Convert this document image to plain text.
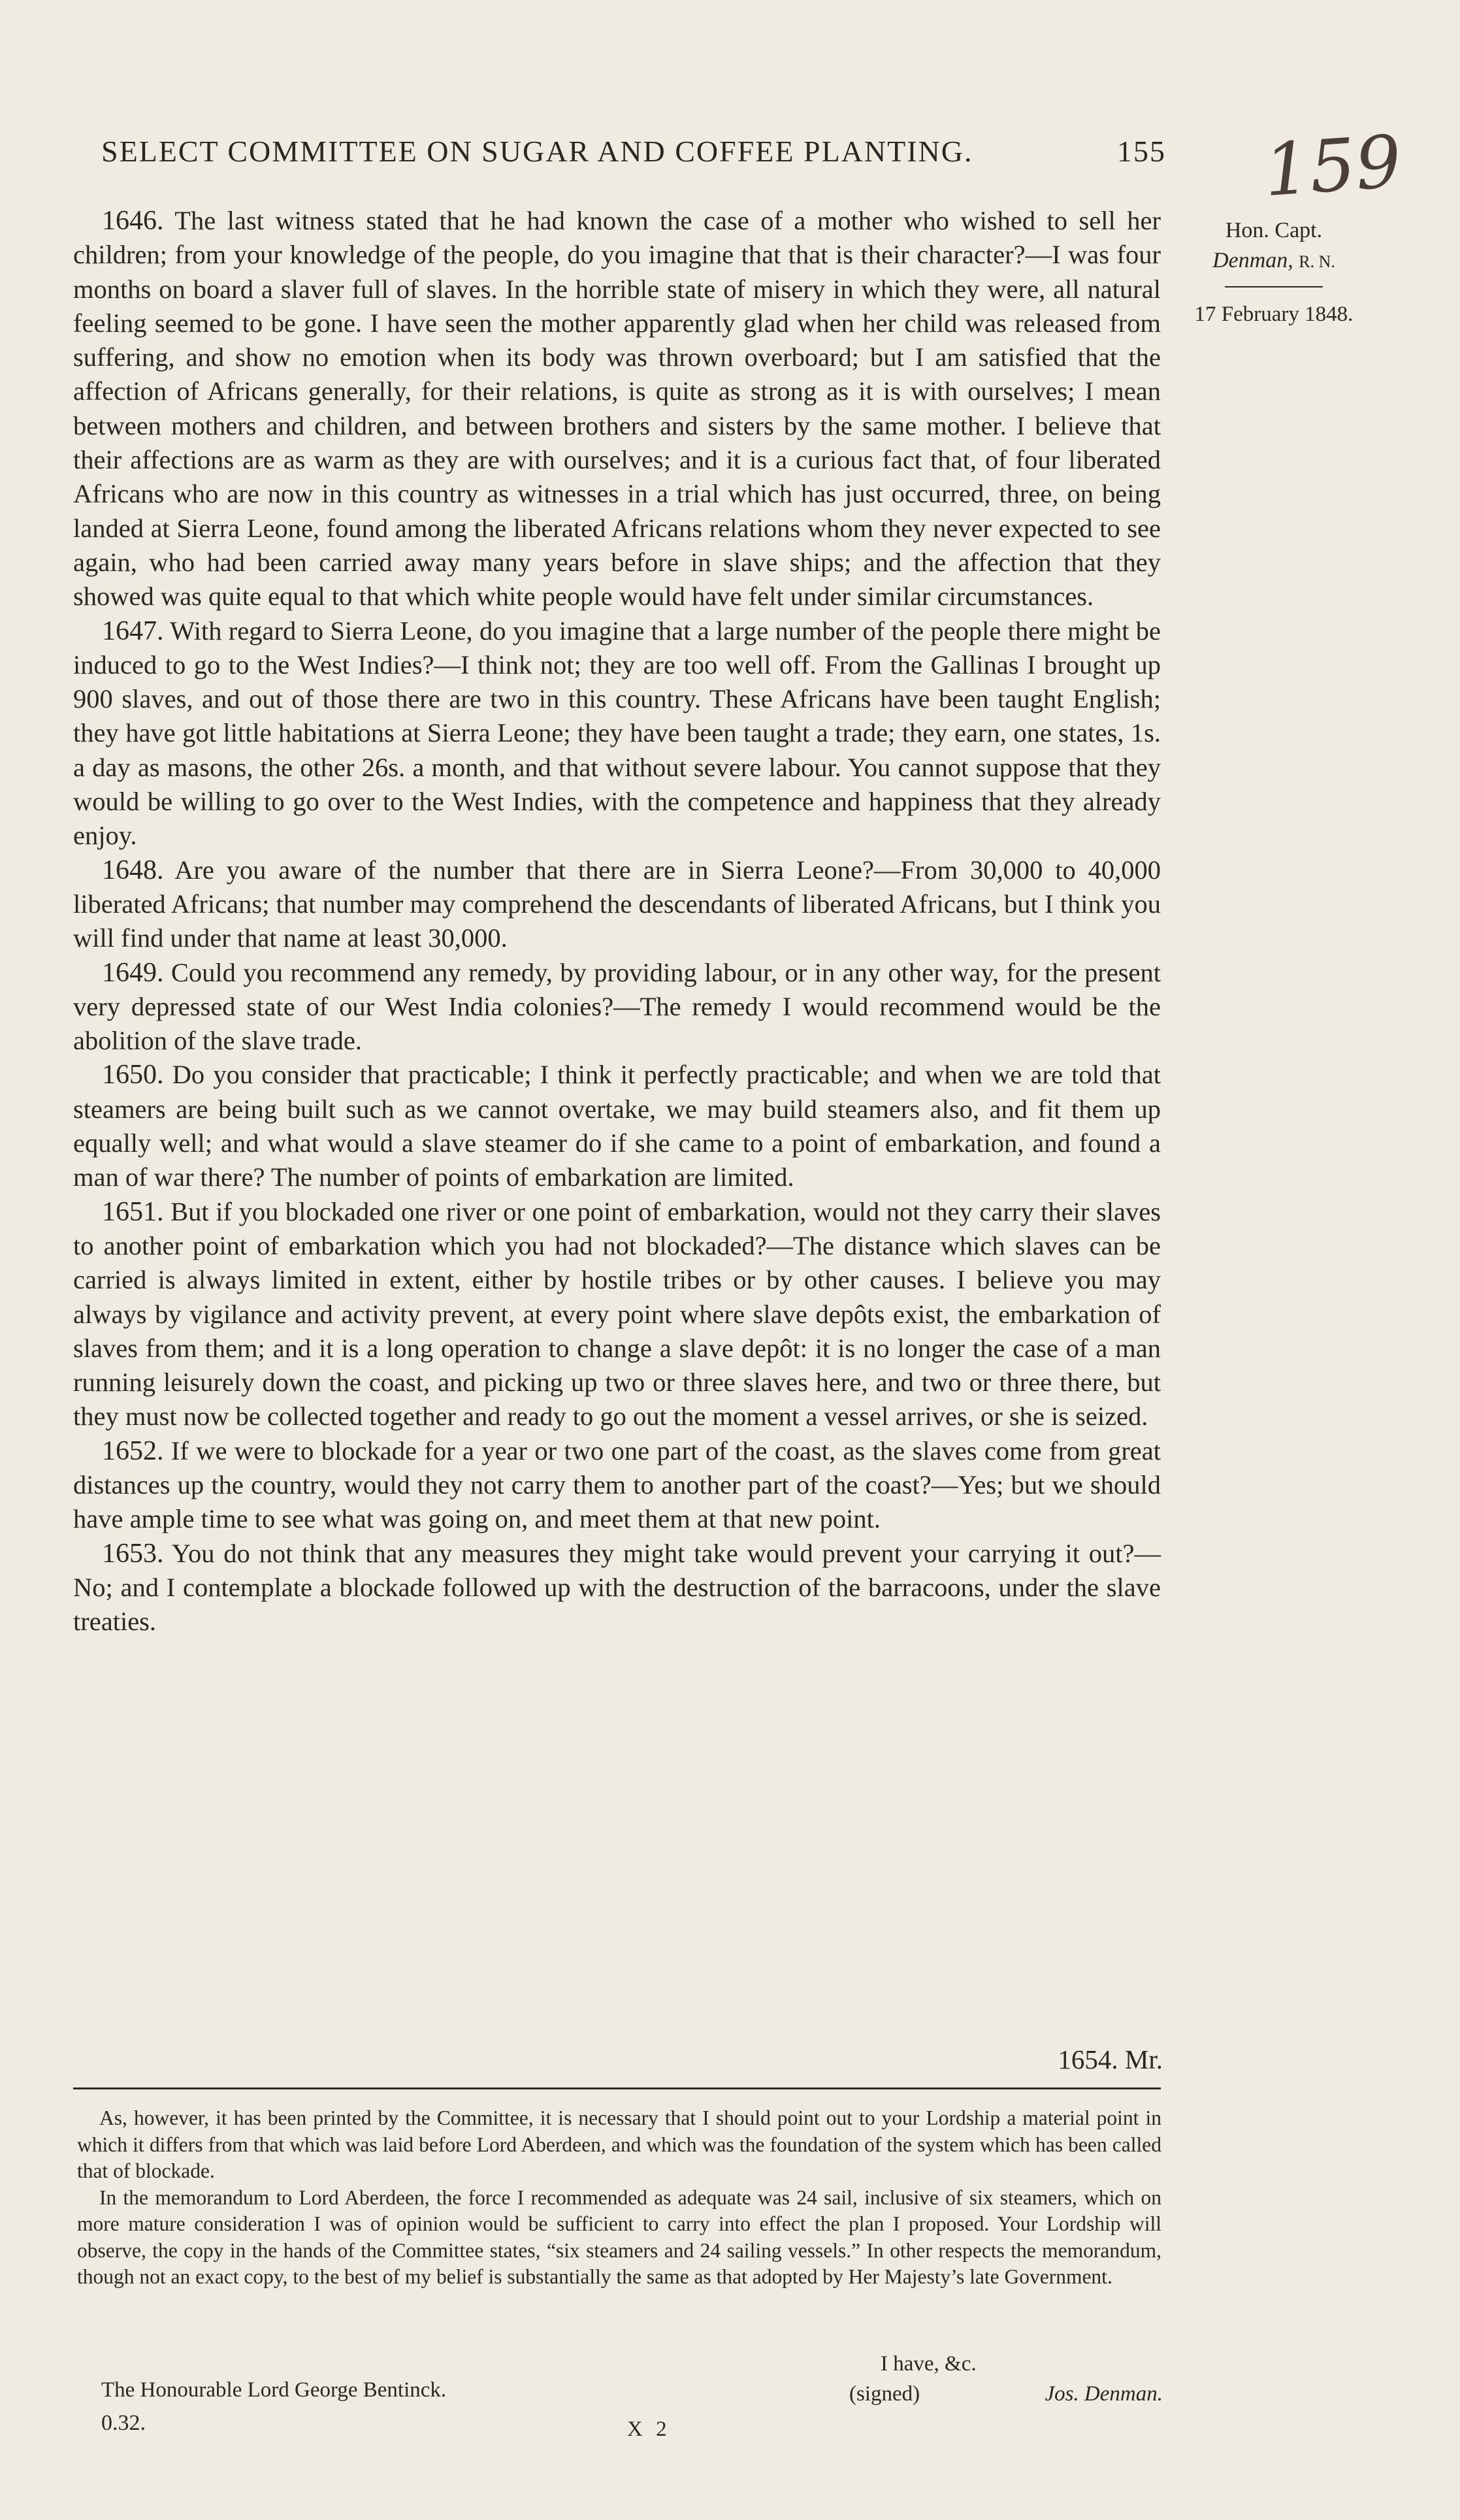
SELECT COMMITTEE ON SUGAR AND COFFEE PLANTING.	155 159
Hon. Capt.
Denman, R. N.
17 February 1848.

1646. The last witness stated that he had known the case of a mother who wished to sell her children; from your knowledge of the people, do you imagine that that is their character?—I was four months on board a slaver full of slaves. In the horrible state of misery in which they were, all natural feeling seemed to be gone. I have seen the mother apparently glad when her child was released from suffering, and show no emotion when its body was thrown overboard; but I am satisfied that the affection of Africans generally, for their relations, is quite as strong as it is with ourselves; I mean between mothers and children, and between brothers and sisters by the same mother. I believe that their affections are as warm as they are with ourselves; and it is a curious fact that, of four liberated Africans who are now in this country as witnesses in a trial which has just occurred, three, on being landed at Sierra Leone, found among the liberated Africans relations whom they never expected to see again, who had been carried away many years before in slave ships; and the affection that they showed was quite equal to that which white people would have felt under similar circumstances.

1647. With regard to Sierra Leone, do you imagine that a large number of the people there might be induced to go to the West Indies?—I think not; they are too well off. From the Gallinas I brought up 900 slaves, and out of those there are two in this country. These Africans have been taught English; they have got little habitations at Sierra Leone; they have been taught a trade; they earn, one states, 1s. a day as masons, the other 26s. a month, and that without severe labour. You cannot suppose that they would be willing to go over to the West Indies, with the competence and happiness that they already enjoy.

1648. Are you aware of the number that there are in Sierra Leone?—From 30,000 to 40,000 liberated Africans; that number may comprehend the descendants of liberated Africans, but I think you will find under that name at least 30,000.

1649. Could you recommend any remedy, by providing labour, or in any other way, for the present very depressed state of our West India colonies?—The remedy I would recommend would be the abolition of the slave trade.

1650. Do you consider that practicable; I think it perfectly practicable; and when we are told that steamers are being built such as we cannot overtake, we may build steamers also, and fit them up equally well; and what would a slave steamer do if she came to a point of embarkation, and found a man of war there? The number of points of embarkation are limited.

1651. But if you blockaded one river or one point of embarkation, would not they carry their slaves to another point of embarkation which you had not blockaded?—The distance which slaves can be carried is always limited in extent, either by hostile tribes or by other causes. I believe you may always by vigilance and activity prevent, at every point where slave depôts exist, the embarkation of slaves from them; and it is a long operation to change a slave depôt: it is no longer the case of a man running leisurely down the coast, and picking up two or three slaves here, and two or three there, but they must now be collected together and ready to go out the moment a vessel arrives, or she is seized.

1652. If we were to blockade for a year or two one part of the coast, as the slaves come from great distances up the country, would they not carry them to another part of the coast?—Yes; but we should have ample time to see what was going on, and meet them at that new point.

1653. You do not think that any measures they might take would prevent your carrying it out?—No; and I contemplate a blockade followed up with the destruction of the barracoons, under the slave treaties.

1654. Mr.

As, however, it has been printed by the Committee, it is necessary that I should point out to your Lordship a material point in which it differs from that which was laid before Lord Aberdeen, and which was the foundation of the system which has been called that of blockade.

In the memorandum to Lord Aberdeen, the force I recommended as adequate was 24 sail, inclusive of six steamers, which on more mature consideration I was of opinion would be sufficient to carry into effect the plan I proposed. Your Lordship will observe, the copy in the hands of the Committee states, “six steamers and 24 sailing vessels.” In other respects the memorandum, though not an exact copy, to the best of my belief is substantially the same as that adopted by Her Majesty’s late Government.

I have, &c.
(signed)	Jos. Denman.
The Honourable Lord George Bentinck.
0.32.	X 2
